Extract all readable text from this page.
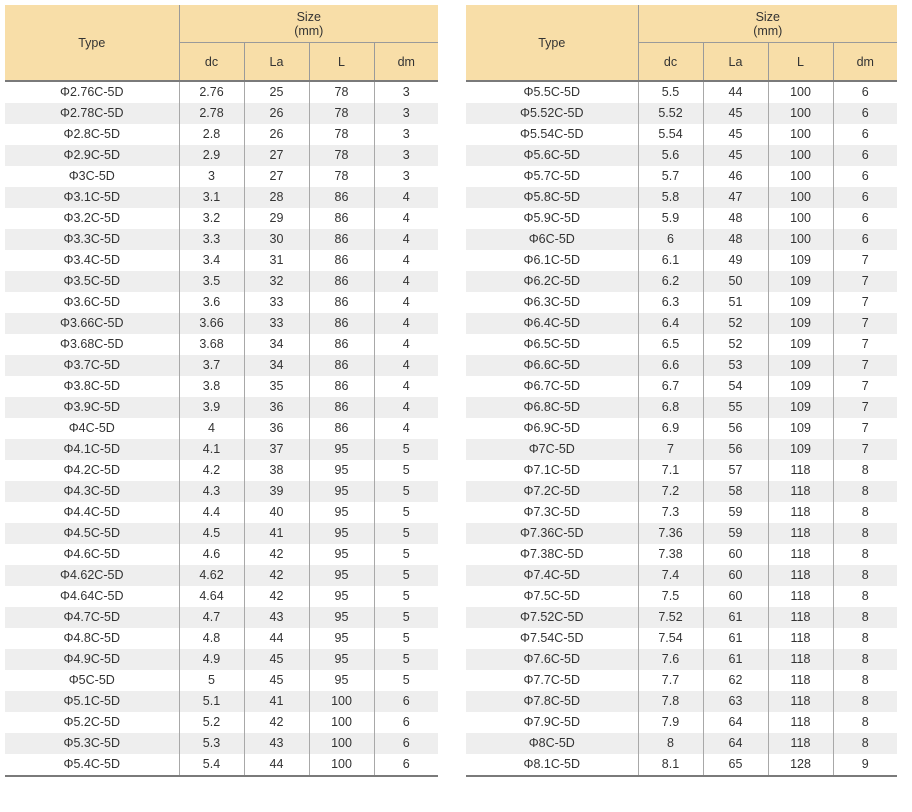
Type	Size
(mm)			
	dc	La	L	dm
Φ2.76C-5D	2.76	25	78	3
Φ2.78C-5D	2.78	26	78	3
Φ2.8C-5D	2.8	26	78	3
Φ2.9C-5D	2.9	27	78	3
Φ3C-5D	3	27	78	3
Φ3.1C-5D	3.1	28	86	4
Φ3.2C-5D	3.2	29	86	4
Φ3.3C-5D	3.3	30	86	4
Φ3.4C-5D	3.4	31	86	4
Φ3.5C-5D	3.5	32	86	4
Φ3.6C-5D	3.6	33	86	4
Φ3.66C-5D	3.66	33	86	4
Φ3.68C-5D	3.68	34	86	4
Φ3.7C-5D	3.7	34	86	4
Φ3.8C-5D	3.8	35	86	4
Φ3.9C-5D	3.9	36	86	4
Φ4C-5D	4	36	86	4
Φ4.1C-5D	4.1	37	95	5
Φ4.2C-5D	4.2	38	95	5
Φ4.3C-5D	4.3	39	95	5
Φ4.4C-5D	4.4	40	95	5
Φ4.5C-5D	4.5	41	95	5
Φ4.6C-5D	4.6	42	95	5
Φ4.62C-5D	4.62	42	95	5
Φ4.64C-5D	4.64	42	95	5
Φ4.7C-5D	4.7	43	95	5
Φ4.8C-5D	4.8	44	95	5
Φ4.9C-5D	4.9	45	95	5
Φ5C-5D	5	45	95	5
Φ5.1C-5D	5.1	41	100	6
Φ5.2C-5D	5.2	42	100	6
Φ5.3C-5D	5.3	43	100	6
Φ5.4C-5D	5.4	44	100	6
Type	Size
(mm)			
	dc	La	L	dm
Φ5.5C-5D	5.5	44	100	6
Φ5.52C-5D	5.52	45	100	6
Φ5.54C-5D	5.54	45	100	6
Φ5.6C-5D	5.6	45	100	6
Φ5.7C-5D	5.7	46	100	6
Φ5.8C-5D	5.8	47	100	6
Φ5.9C-5D	5.9	48	100	6
Φ6C-5D	6	48	100	6
Φ6.1C-5D	6.1	49	109	7
Φ6.2C-5D	6.2	50	109	7
Φ6.3C-5D	6.3	51	109	7
Φ6.4C-5D	6.4	52	109	7
Φ6.5C-5D	6.5	52	109	7
Φ6.6C-5D	6.6	53	109	7
Φ6.7C-5D	6.7	54	109	7
Φ6.8C-5D	6.8	55	109	7
Φ6.9C-5D	6.9	56	109	7
Φ7C-5D	7	56	109	7
Φ7.1C-5D	7.1	57	118	8
Φ7.2C-5D	7.2	58	118	8
Φ7.3C-5D	7.3	59	118	8
Φ7.36C-5D	7.36	59	118	8
Φ7.38C-5D	7.38	60	118	8
Φ7.4C-5D	7.4	60	118	8
Φ7.5C-5D	7.5	60	118	8
Φ7.52C-5D	7.52	61	118	8
Φ7.54C-5D	7.54	61	118	8
Φ7.6C-5D	7.6	61	118	8
Φ7.7C-5D	7.7	62	118	8
Φ7.8C-5D	7.8	63	118	8
Φ7.9C-5D	7.9	64	118	8
Φ8C-5D	8	64	118	8
Φ8.1C-5D	8.1	65	128	9
